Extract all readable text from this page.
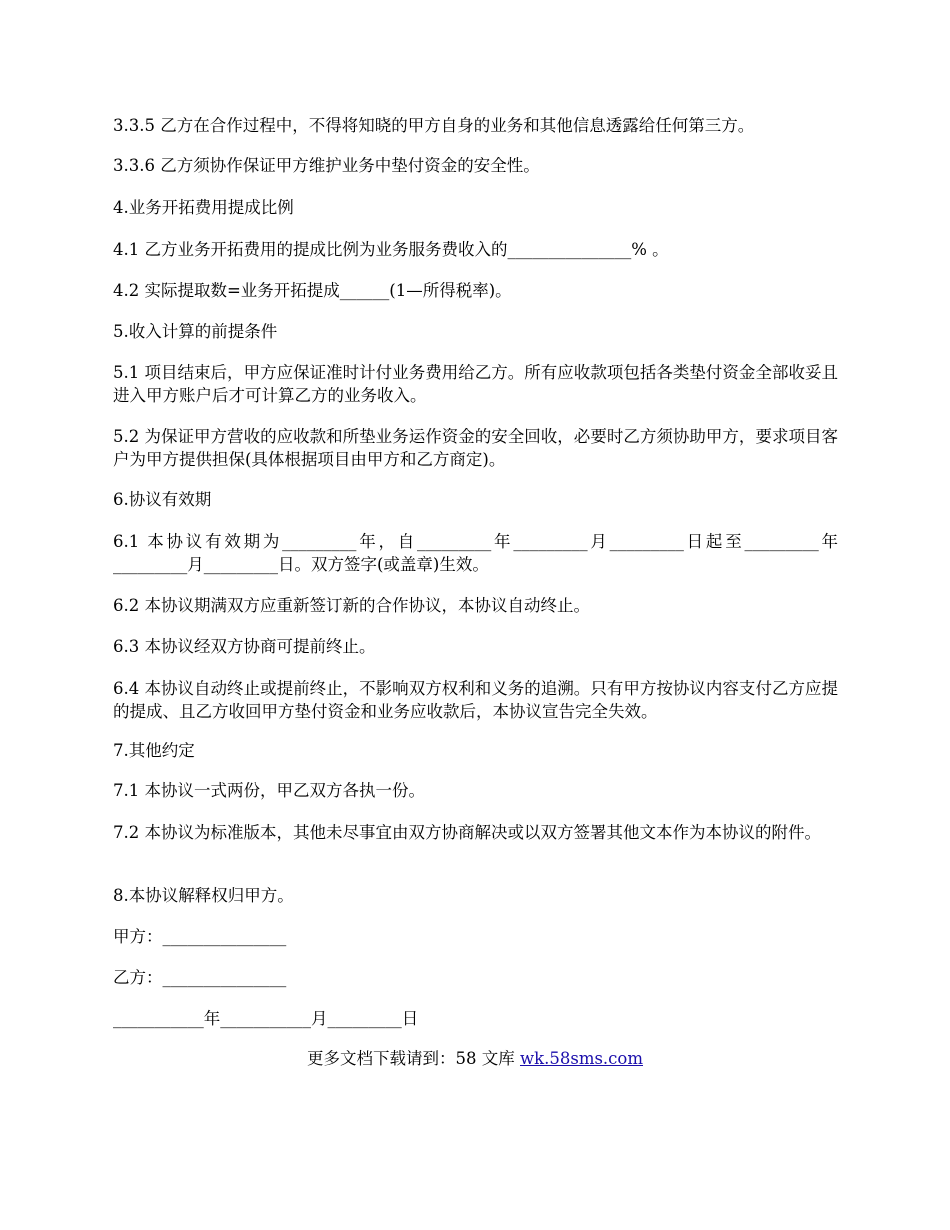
3.3.5 乙方在合作过程中，不得将知晓的甲方自身的业务和其他信息透露给任何第三方。
3.3.6 乙方须协作保证甲方维护业务中垫付资金的安全性。
4.业务开拓费用提成比例
4.1 乙方业务开拓费用的提成比例为业务服务费收入的_______________% 。
4.2 实际提取数=业务开拓提成______(1—所得税率)。
5.收入计算的前提条件
5.1 项目结束后，甲方应保证准时计付业务费用给乙方。所有应收款项包括各类垫付资金全部收妥且进入甲方账户后才可计算乙方的业务收入。
5.2 为保证甲方营收的应收款和所垫业务运作资金的安全回收，必要时乙方须协助甲方，要求项目客户为甲方提供担保(具体根据项目由甲方和乙方商定)。
6.协议有效期
6.1 本协议有效期为_________年，自_________年_________月_________日起至_________年_________月_________日。双方签字(或盖章)生效。
6.2 本协议期满双方应重新签订新的合作协议，本协议自动终止。
6.3 本协议经双方协商可提前终止。
6.4 本协议自动终止或提前终止，不影响双方权利和义务的追溯。只有甲方按协议内容支付乙方应提的提成、且乙方收回甲方垫付资金和业务应收款后，本协议宣告完全失效。
7.其他约定
7.1 本协议一式两份，甲乙双方各执一份。
7.2 本协议为标准版本，其他未尽事宜由双方协商解决或以双方签署其他文本作为本协议的附件。
8.本协议解释权归甲方。
甲方：_______________
乙方：_______________
___________年___________月_________日
更多文档下载请到：58 文库 wk.58sms.com
